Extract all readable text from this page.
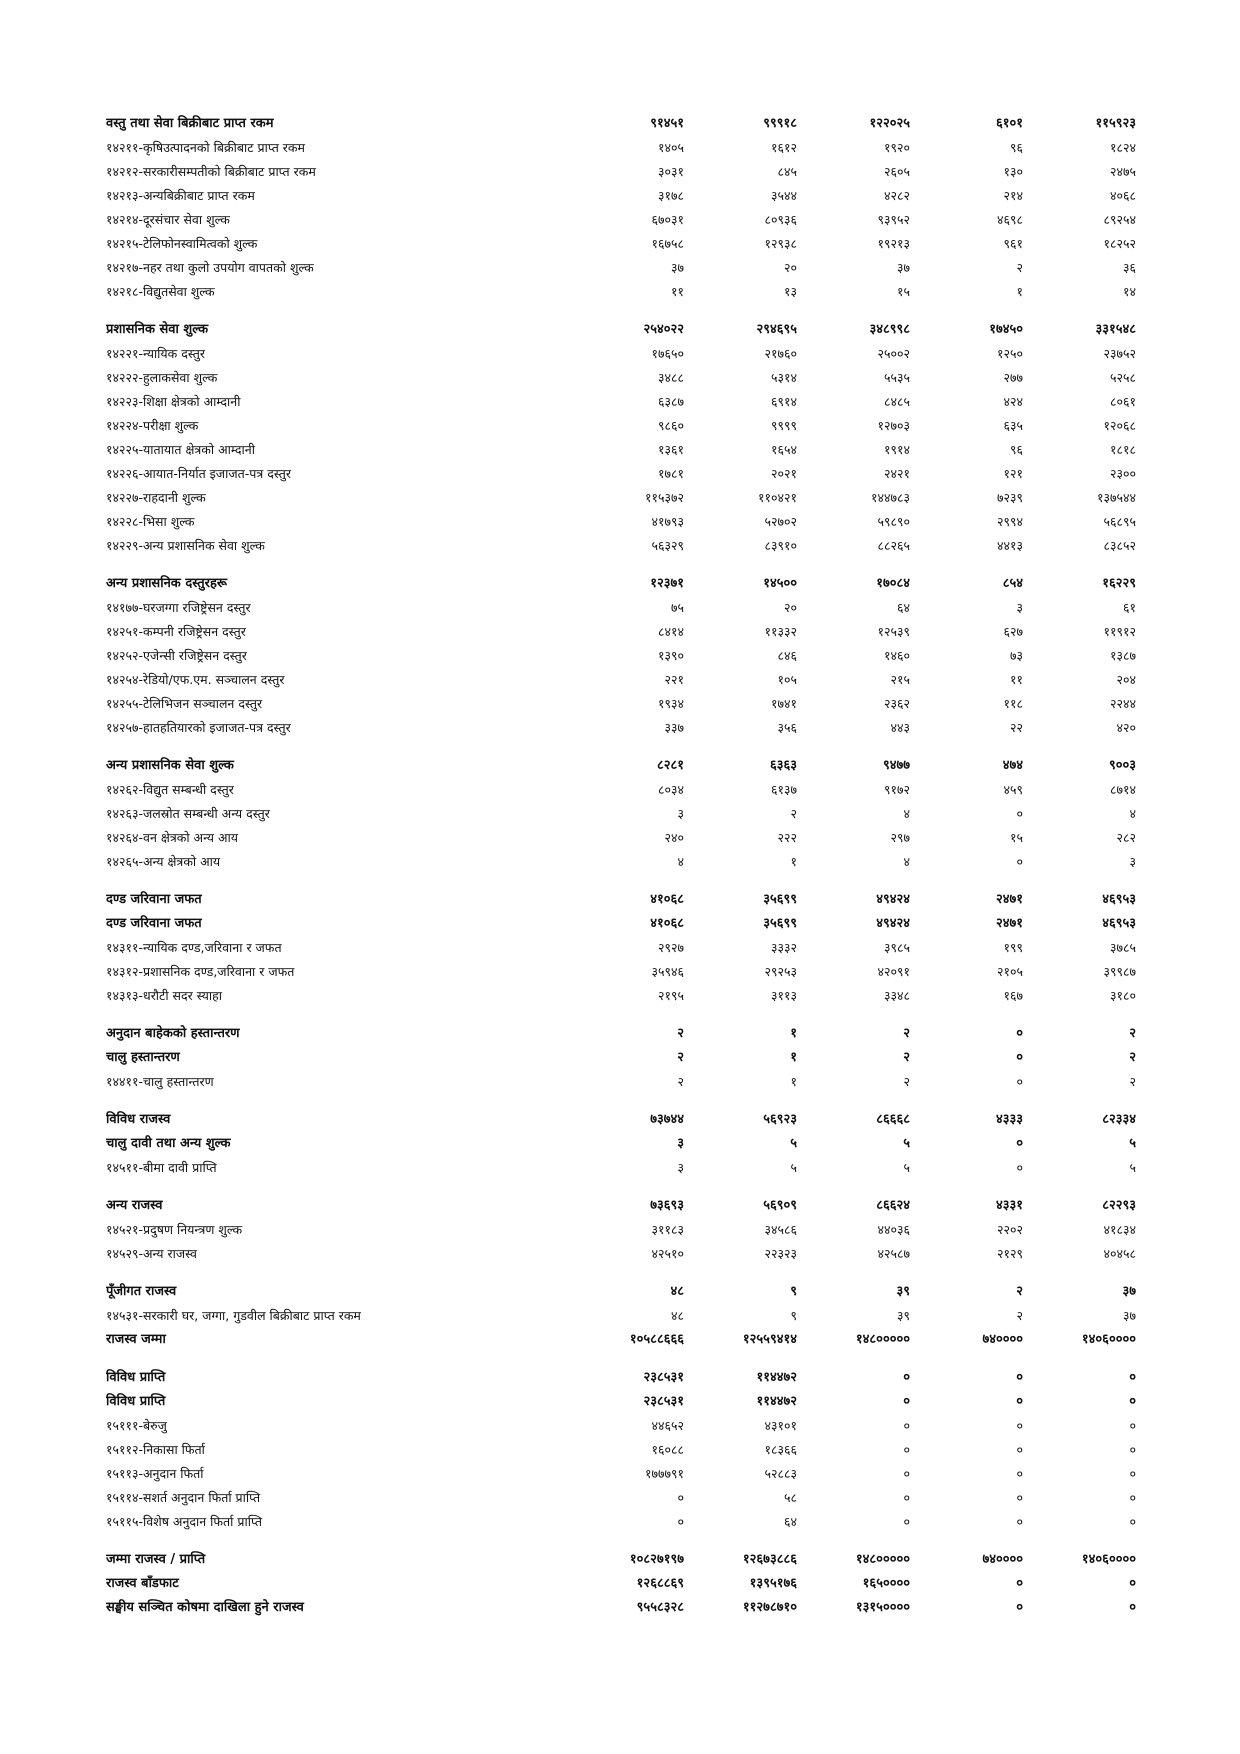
वस्तु तथा सेवा बिक्रीबाट प्राप्त रकम	९१४५१	९९९१८	१२२०२५	६१०१	११५९२३
१४२११-कृषिउत्पादनको बिक्रीबाट प्राप्त रकम	१४०५	१६१२	१९२०	९६	१८२४
१४२१२-सरकारीसम्पतीको बिक्रीबाट प्राप्त रकम	३०३१	८४५	२६०५	१३०	२४७५
१४२१३-अन्यबिक्रीबाट प्राप्त रकम	३१७८	३५४४	४२८२	२१४	४०६८
१४२१४-दूरसंचार सेवा शुल्क	६७०३१	८०९३६	९३९५२	४६९८	८९२५४
१४२१५-टेलिफोनस्वामित्वको शुल्क	१६७५८	१२९३८	१९२१३	९६१	१८२५२
१४२१७-नहर तथा कुलो उपयोग वापतको शुल्क	३७	२०	३७	२	३६
१४२१८-विद्युतसेवा शुल्क	११	१३	१५	१	१४

प्रशासनिक सेवा शुल्क	२५४०२२	२९४६९५	३४८९९८	१७४५०	३३१५४८
१४२२१-न्यायिक दस्तुर	१७६५०	२१७६०	२५००२	१२५०	२३७५२
१४२२२-हुलाकसेवा शुल्क	३४८८	५३१४	५५३५	२७७	५२५८
१४२२३-शिक्षा क्षेत्रको आम्दानी	६३८७	६९१४	८४८५	४२४	८०६१
१४२२४-परीक्षा शुल्क	९८६०	९९९९	१२७०३	६३५	१२०६८
१४२२५-यातायात क्षेत्रको आम्दानी	१३६१	१६५४	१९१४	९६	१८१८
१४२२६-आयात-निर्यात इजाजत-पत्र दस्तुर	१७८१	२०२१	२४२१	१२१	२३००
१४२२७-राहदानी शुल्क	११५३७२	११०४२१	१४४७८३	७२३९	१३७५४४
१४२२८-भिसा शुल्क	४१७९३	५२७०२	५९८९०	२९९४	५६८९५
१४२२९-अन्य प्रशासनिक सेवा शुल्क	५६३२९	८३९१०	८८२६५	४४१३	८३८५२

अन्य प्रशासनिक दस्तुरहरू	१२३७१	१४५००	१७०८४	८५४	१६२२९
१४१७७-घरजग्गा रजिष्ट्रेसन दस्तुर	७५	२०	६४	३	६१
१४२५१-कम्पनी रजिष्ट्रेसन दस्तुर	८४१४	११३३२	१२५३९	६२७	११९१२
१४२५२-एजेन्सी रजिष्ट्रेसन दस्तुर	१३९०	८४६	१४६०	७३	१३८७
१४२५४-रेडियो/एफ.एम. सञ्चालन दस्तुर	२२१	१०५	२१५	११	२०४
१४२५५-टेलिभिजन सञ्चालन दस्तुर	१९३४	१७४१	२३६२	११८	२२४४
१४२५७-हातहतियारको इजाजत-पत्र दस्तुर	३३७	३५६	४४३	२२	४२०

अन्य प्रशासनिक सेवा शुल्क	८२८१	६३६३	९४७७	४७४	९००३
१४२६२-विद्युत सम्बन्धी दस्तुर	८०३४	६१३७	९१७२	४५९	८७१४
१४२६३-जलस्रोत सम्बन्धी अन्य दस्तुर	३	२	४	०	४
१४२६४-वन क्षेत्रको अन्य आय	२४०	२२२	२९७	१५	२८२
१४२६५-अन्य क्षेत्रको आय	४	१	४	०	३

दण्ड जरिवाना जफत	४१०६८	३५६९९	४९४२४	२४७१	४६९५३
दण्ड जरिवाना जफत	४१०६८	३५६९९	४९४२४	२४७१	४६९५३
१४३११-न्यायिक दण्ड,जरिवाना र जफत	२९२७	३३३२	३९८५	१९९	३७८५
१४३१२-प्रशासनिक दण्ड,जरिवाना र जफत	३५९४६	२९२५३	४२०९१	२१०५	३९९८७
१४३१३-धरौटी सदर स्याहा	२१९५	३११३	३३४८	१६७	३१८०

अनुदान बाहेकको हस्तान्तरण	२	१	२	०	२
चालु हस्तान्तरण	२	१	२	०	२
१४४११-चालु हस्तान्तरण	२	१	२	०	२

विविध राजस्व	७३७४४	५६९२३	८६६६८	४३३३	८२३३४
चालु दावी तथा अन्य शुल्क	३	५	५	०	५
१४५११-बीमा दावी प्राप्ति	३	५	५	०	५

अन्य राजस्व	७३६९३	५६९०९	८६६२४	४३३१	८२२९३
१४५२१-प्रदुषण नियन्त्रण शुल्क	३११८३	३४५८६	४४०३६	२२०२	४१८३४
१४५२९-अन्य राजस्व	४२५१०	२२३२३	४२५८७	२१२९	४०४५८

पूँजीगत राजस्व	४८	९	३९	२	३७
१४५३१-सरकारी घर, जग्गा, गुडवील बिक्रीबाट प्राप्त रकम	४८	९	३९	२	३७
राजस्व जम्मा	१०५८८६६६	१२५५९४१४	१४८०००००	७४००००	१४०६००००

विविध प्राप्ति	२३८५३१	११४४७२	०	०	०
विविध प्राप्ति	२३८५३१	११४४७२	०	०	०
१५१११-बेरुजु	४४६५२	४३१०१	०	०	०
१५११२-निकासा फिर्ता	१६०८८	१८३६६	०	०	०
१५११३-अनुदान फिर्ता	१७७७९१	५२८८३	०	०	०
१५११४-सशर्त अनुदान फिर्ता प्राप्ति	०	५८	०	०	०
१५११५-विशेष अनुदान फिर्ता प्राप्ति	०	६४	०	०	०

जम्मा राजस्व / प्राप्ति	१०८२७१९७	१२६७३८८६	१४८०००००	७४००००	१४०६००००
राजस्व बाँडफाट	१२६८८६९	१३९५१७६	१६५००००	०	०
सङ्घीय सञ्चित कोषमा दाखिला हुने राजस्व	९५५८३२८	११२७८७१०	१३१५००००	०	०
